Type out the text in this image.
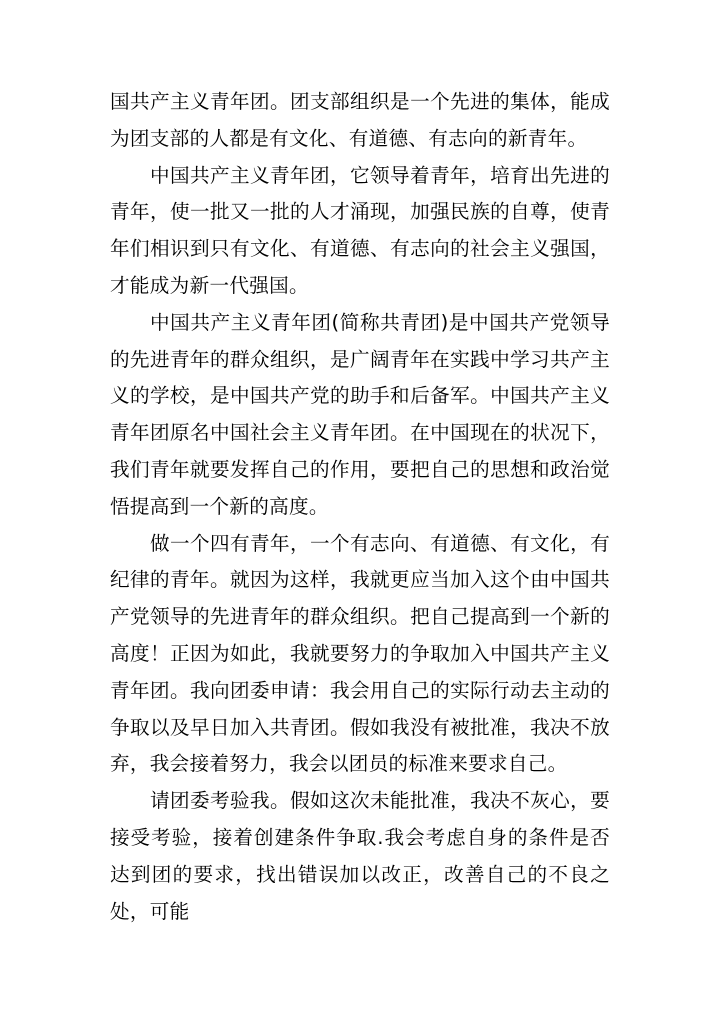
国共产主义青年团。团支部组织是一个先进的集体，能成为团支部的人都是有文化、有道德、有志向的新青年。

中国共产主义青年团，它领导着青年，培育出先进的青年，使一批又一批的人才涌现，加强民族的自尊，使青年们相识到只有文化、有道德、有志向的社会主义强国，才能成为新一代强国。

中国共产主义青年团(简称共青团)是中国共产党领导的先进青年的群众组织，是广阔青年在实践中学习共产主义的学校，是中国共产党的助手和后备军。中国共产主义青年团原名中国社会主义青年团。在中国现在的状况下，我们青年就要发挥自己的作用，要把自己的思想和政治觉悟提高到一个新的高度。

做一个四有青年，一个有志向、有道德、有文化，有纪律的青年。就因为这样，我就更应当加入这个由中国共产党领导的先进青年的群众组织。把自己提高到一个新的高度！正因为如此，我就要努力的争取加入中国共产主义青年团。我向团委申请：我会用自己的实际行动去主动的争取以及早日加入共青团。假如我没有被批准，我决不放弃，我会接着努力，我会以团员的标准来要求自己。

请团委考验我。假如这次未能批准，我决不灰心，要接受考验，接着创建条件争取.我会考虑自身的条件是否达到团的要求，找出错误加以改正，改善自己的不良之处，可能
